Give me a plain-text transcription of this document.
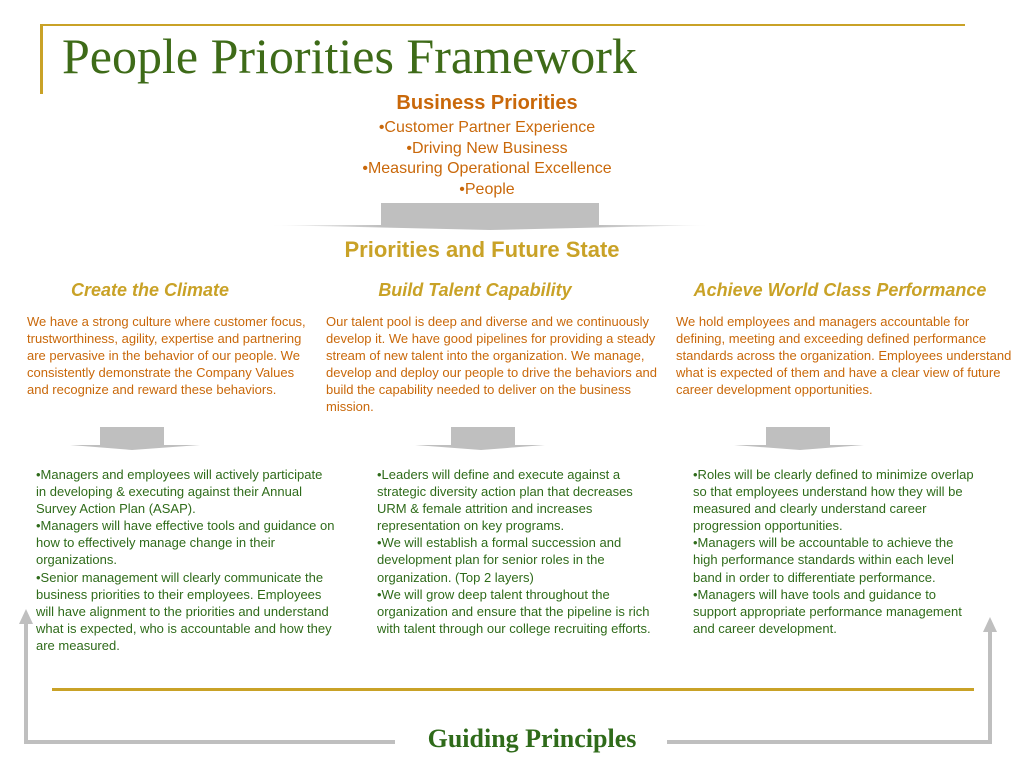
People Priorities Framework
Business Priorities
•Customer Partner Experience
•Driving New Business
•Measuring Operational Excellence
•People
Priorities and Future State
Create the Climate	Build Talent Capability	Achieve World Class Performance
We have a strong culture where customer focus, trustworthiness, agility, expertise and partnering are pervasive in the behavior of our people. We consistently demonstrate the Company Values and recognize and reward these behaviors.
Our talent pool is deep and diverse and we continuously develop it. We have good pipelines for providing a steady stream of new talent into the organization. We manage, develop and deploy our people to drive the behaviors and build the capability needed to deliver on the business mission.
We hold employees and managers accountable for defining, meeting and exceeding defined performance standards across the organization. Employees understand what is expected of them and have a clear view of future career development opportunities.
•Managers and employees will actively participate in developing & executing against their Annual Survey Action Plan (ASAP).
•Managers will have effective tools and guidance on how to effectively manage change in their organizations.
•Senior management will clearly communicate the business priorities to their employees. Employees will have alignment to the priorities and understand what is expected, who is accountable and how they are measured.
•Leaders will define and execute against a strategic diversity action plan that decreases URM & female attrition and increases representation on key programs.
•We will establish a formal succession and development plan for senior roles in the organization. (Top 2 layers)
•We will grow deep talent throughout the organization and ensure that the pipeline is rich with talent through our college recruiting efforts.
•Roles will be clearly defined to minimize overlap so that employees understand how they will be measured and clearly understand career progression opportunities.
•Managers will be accountable to achieve the high performance standards within each level band in order to differentiate performance.
•Managers will have tools and guidance to support appropriate performance management and career development.
Guiding Principles
